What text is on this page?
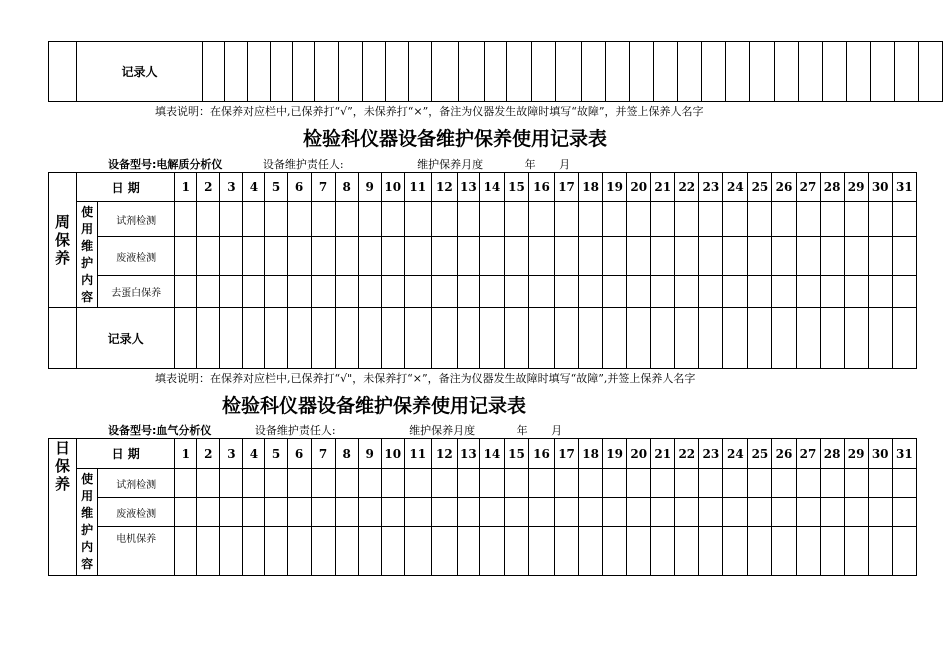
	记录人																															
填表说明：在保养对应栏中,已保养打“√”，未保养打“×”，备注为仪器发生故障时填写“故障”，并签上保养人名字
检验科仪器设备维护保养使用记录表
设备型号:电解质分析仪	设备维护责任人:	维护保养月度	年 月
周保养	日 期		1	2	3	4	5	6	7	8	9	10	11	12	13	14	15	16	17	18	19	20	21	22	23	24	25	26	27	28	29	30	31

	使用维护内容	试剂检测																															
		废液检测																															
		去蛋白保养																															
	记录人																																
填表说明：在保养对应栏中,已保养打“√"，未保养打“×”，备注为仪器发生故障时填写“故障”,并签上保养人名字
检验科仪器设备维护保养使用记录表
设备型号:血气分析仪	设备维护责任人:	维护保养月度	年 月
日保养	日 期		1	2	3	4	5	6	7	8	9	10	11	12	13	14	15	16	17	18	19	20	21	22	23	24	25	26	27	28	29	30	31

	使用维护内容	试剂检测																															
		废液检测																															
		电机保养																															
